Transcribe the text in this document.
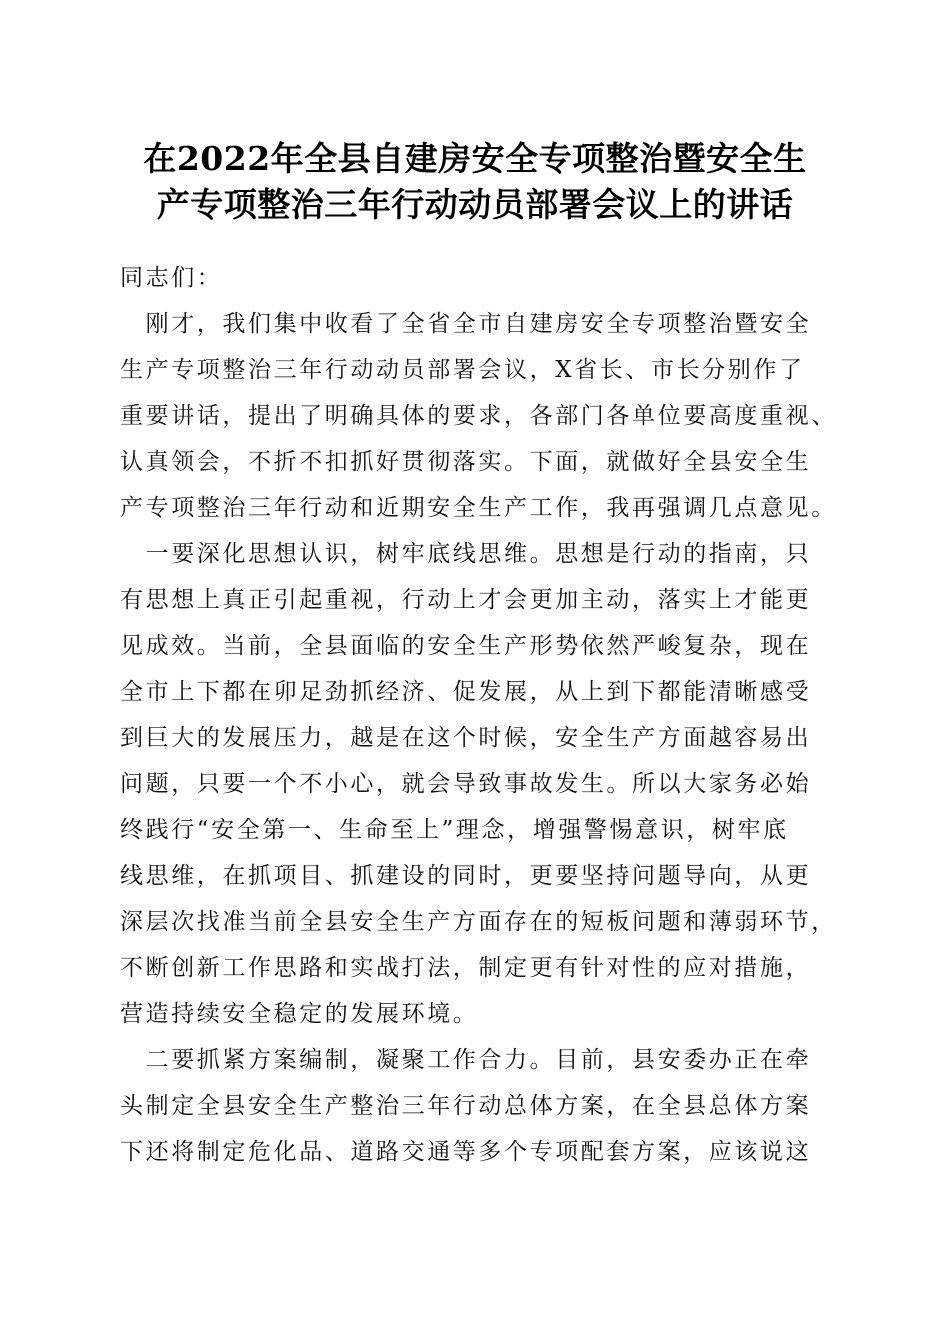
在2022年全县自建房安全专项整治暨安全生
产专项整治三年行动动员部署会议上的讲话
同志们：
　刚才，我们集中收看了全省全市自建房安全专项整治暨安全
生产专项整治三年行动动员部署会议，X省长、市长分别作了
重要讲话，提出了明确具体的要求，各部门各单位要高度重视、
认真领会，不折不扣抓好贯彻落实。下面，就做好全县安全生
产专项整治三年行动和近期安全生产工作，我再强调几点意见。
　一要深化思想认识，树牢底线思维。思想是行动的指南，只
有思想上真正引起重视，行动上才会更加主动，落实上才能更
见成效。当前，全县面临的安全生产形势依然严峻复杂，现在
全市上下都在卯足劲抓经济、促发展，从上到下都能清晰感受
到巨大的发展压力，越是在这个时候，安全生产方面越容易出
问题，只要一个不小心，就会导致事故发生。所以大家务必始
终践行“安全第一、生命至上”理念，增强警惕意识，树牢底
线思维，在抓项目、抓建设的同时，更要坚持问题导向，从更
深层次找准当前全县安全生产方面存在的短板问题和薄弱环节，
不断创新工作思路和实战打法，制定更有针对性的应对措施，
营造持续安全稳定的发展环境。
　二要抓紧方案编制，凝聚工作合力。目前，县安委办正在牵
头制定全县安全生产整治三年行动总体方案，在全县总体方案
下还将制定危化品、道路交通等多个专项配套方案，应该说这
